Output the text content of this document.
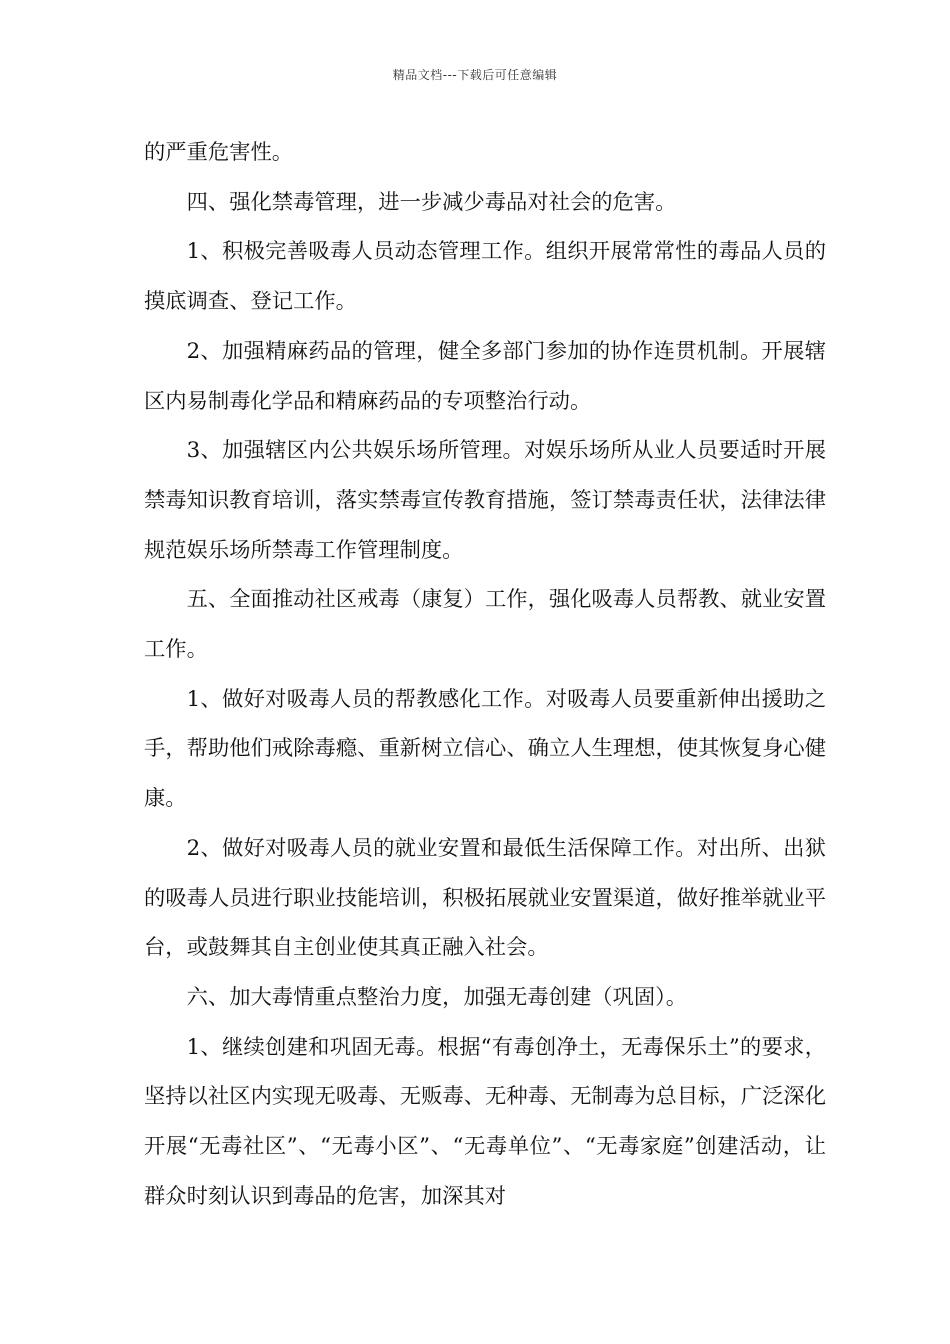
精品文档---下载后可任意编辑

的严重危害性。

四、强化禁毒管理，进一步减少毒品对社会的危害。

1、积极完善吸毒人员动态管理工作。组织开展常常性的毒品人员的摸底调查、登记工作。

2、加强精麻药品的管理，健全多部门参加的协作连贯机制。开展辖区内易制毒化学品和精麻药品的专项整治行动。

3、加强辖区内公共娱乐场所管理。对娱乐场所从业人员要适时开展禁毒知识教育培训，落实禁毒宣传教育措施，签订禁毒责任状，法律法律规范娱乐场所禁毒工作管理制度。

五、全面推动社区戒毒（康复）工作，强化吸毒人员帮教、就业安置工作。

1、做好对吸毒人员的帮教感化工作。对吸毒人员要重新伸出援助之手，帮助他们戒除毒瘾、重新树立信心、确立人生理想，使其恢复身心健康。

2、做好对吸毒人员的就业安置和最低生活保障工作。对出所、出狱的吸毒人员进行职业技能培训，积极拓展就业安置渠道，做好推举就业平台，或鼓舞其自主创业使其真正融入社会。

六、加大毒情重点整治力度，加强无毒创建（巩固）。

1、继续创建和巩固无毒。根据“有毒创净土，无毒保乐土”的要求，坚持以社区内实现无吸毒、无贩毒、无种毒、无制毒为总目标，广泛深化开展“无毒社区”、“无毒小区”、“无毒单位”、“无毒家庭”创建活动，让群众时刻认识到毒品的危害，加深其对
